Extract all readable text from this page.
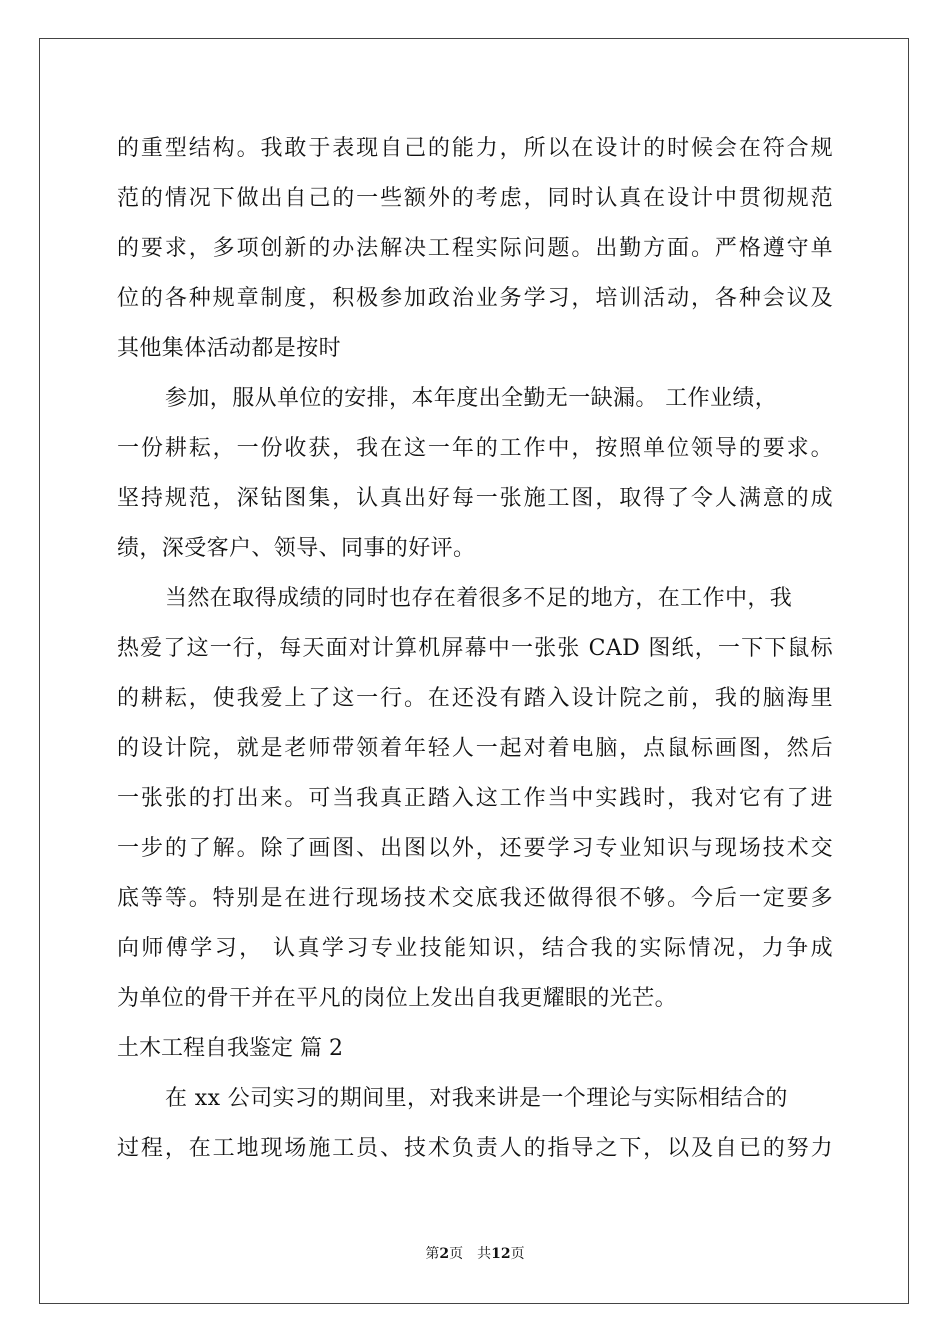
的重型结构。我敢于表现自己的能力，所以在设计的时候会在符合规
范的情况下做出自己的一些额外的考虑，同时认真在设计中贯彻规范
的要求，多项创新的办法解决工程实际问题。出勤方面。严格遵守单
位的各种规章制度，积极参加政治业务学习，培训活动，各种会议及
其他集体活动都是按时
参加，服从单位的安排，本年度出全勤无一缺漏。 工作业绩，
一份耕耘，一份收获，我在这一年的工作中，按照单位领导的要求。
坚持规范，深钻图集，认真出好每一张施工图，取得了令人满意的成
绩，深受客户、领导、同事的好评。
当然在取得成绩的同时也存在着很多不足的地方，在工作中，我
热爱了这一行，每天面对计算机屏幕中一张张 CAD 图纸，一下下鼠标
的耕耘，使我爱上了这一行。在还没有踏入设计院之前，我的脑海里
的设计院，就是老师带领着年轻人一起对着电脑，点鼠标画图，然后
一张张的打出来。可当我真正踏入这工作当中实践时，我对它有了进
一步的了解。除了画图、出图以外，还要学习专业知识与现场技术交
底等等。特别是在进行现场技术交底我还做得很不够。今后一定要多
向师傅学习， 认真学习专业技能知识，结合我的实际情况，力争成
为单位的骨干并在平凡的岗位上发出自我更耀眼的光芒。
土木工程自我鉴定 篇 2
在 xx 公司实习的期间里，对我来讲是一个理论与实际相结合的
过程，在工地现场施工员、技术负责人的指导之下，以及自已的努力
第2页　共12页
